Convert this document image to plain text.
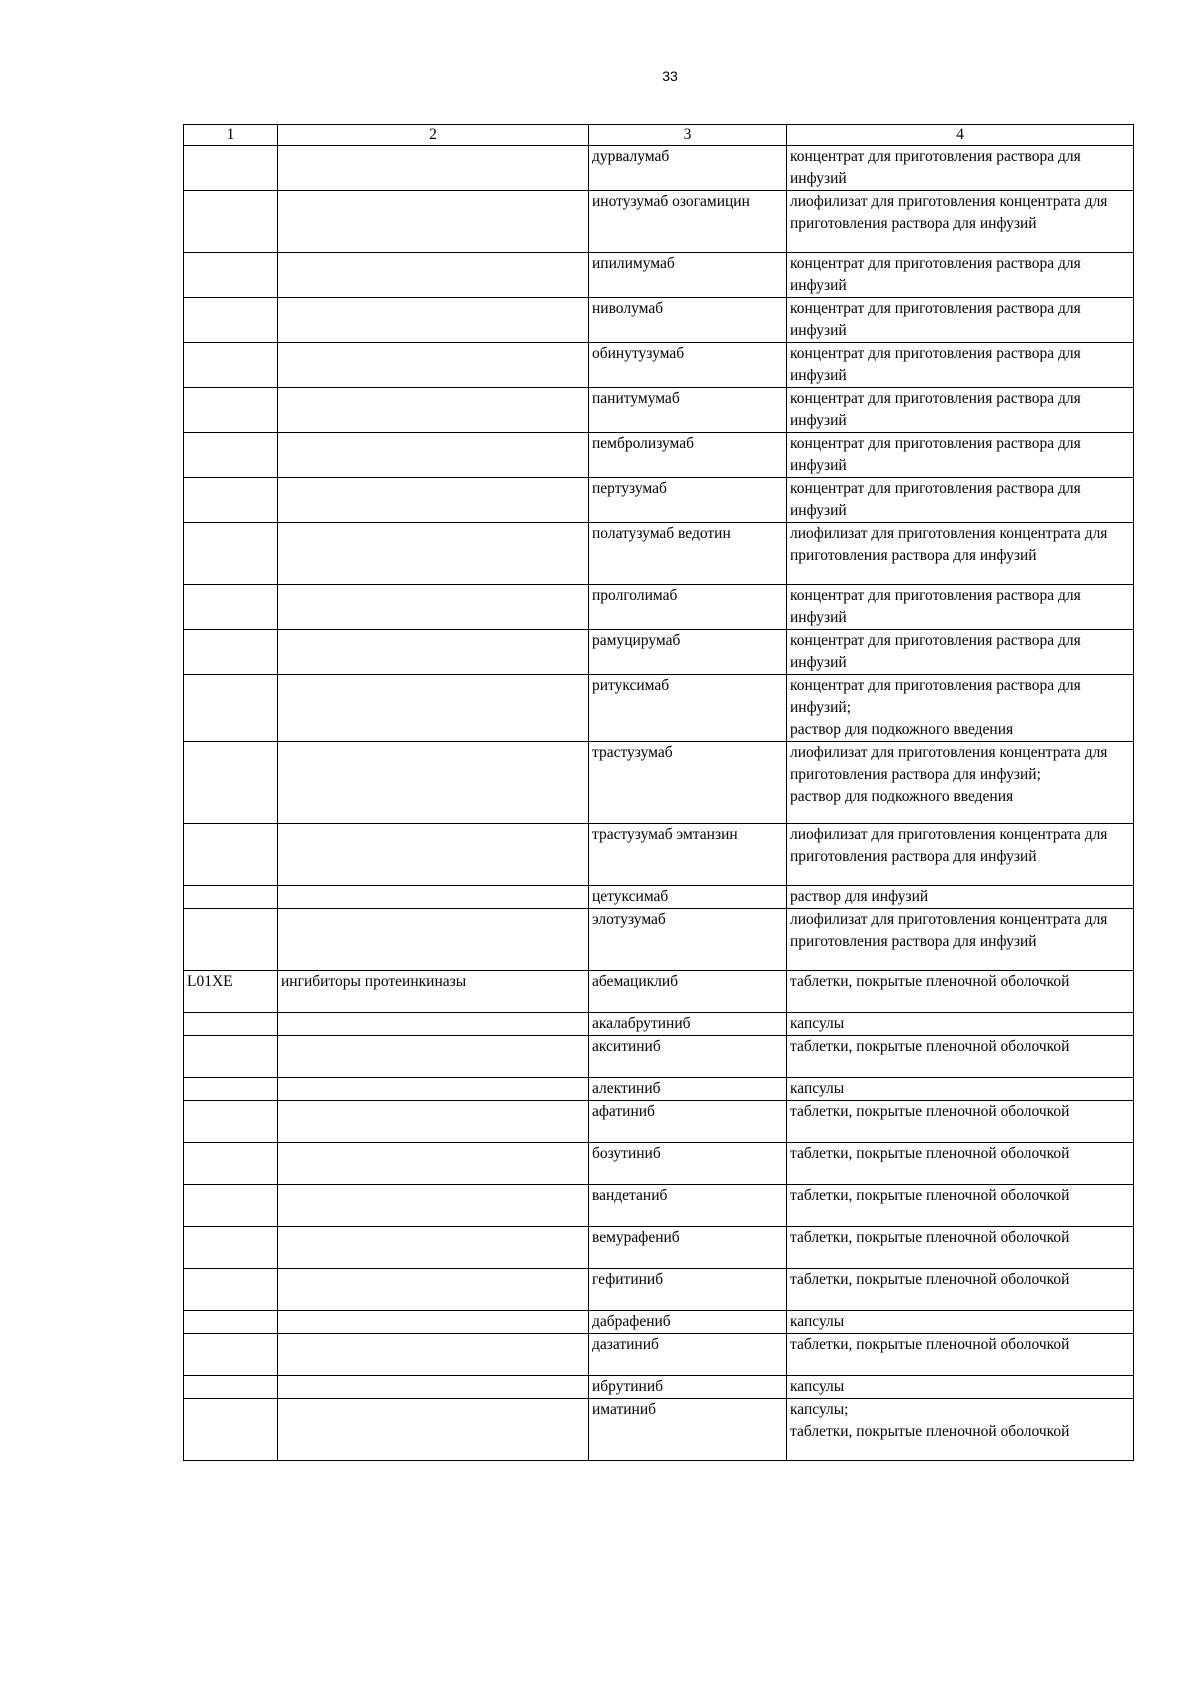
33
1	2	3	4

		дурвалумаб	концентрат для приготовления раствора для инфузий

		инотузумаб озогамицин	лиофилизат для приготовления концентрата для приготовления раствора для инфузий

		ипилимумаб	концентрат для приготовления раствора для инфузий

		ниволумаб	концентрат для приготовления раствора для инфузий

		обинутузумаб	концентрат для приготовления раствора для инфузий

		панитумумаб	концентрат для приготовления раствора для инфузий

		пембролизумаб	концентрат для приготовления раствора для инфузий

		пертузумаб	концентрат для приготовления раствора для инфузий

		полатузумаб ведотин	лиофилизат для приготовления концентрата для приготовления раствора для инфузий

		пролголимаб	концентрат для приготовления раствора для инфузий

		рамуцирумаб	концентрат для приготовления раствора для инфузий

		ритуксимаб	концентрат для приготовления раствора для инфузий;
раствор для подкожного введения

		трастузумаб	лиофилизат для приготовления концентрата для приготовления раствора для инфузий;
раствор для подкожного введения

		трастузумаб эмтанзин	лиофилизат для приготовления концентрата для приготовления раствора для инфузий

		цетуксимаб	раствор для инфузий

		элотузумаб	лиофилизат для приготовления концентрата для приготовления раствора для инфузий

L01XE	ингибиторы протеинкиназы	абемациклиб	таблетки, покрытые пленочной оболочкой

		акалабрутиниб	капсулы

		акситиниб	таблетки, покрытые пленочной оболочкой

		алектиниб	капсулы

		афатиниб	таблетки, покрытые пленочной оболочкой

		бозутиниб	таблетки, покрытые пленочной оболочкой

		вандетаниб	таблетки, покрытые пленочной оболочкой

		вемурафениб	таблетки, покрытые пленочной оболочкой

		гефитиниб	таблетки, покрытые пленочной оболочкой

		дабрафениб	капсулы

		дазатиниб	таблетки, покрытые пленочной оболочкой

		ибрутиниб	капсулы

		иматиниб	капсулы;
таблетки, покрытые пленочной оболочкой
